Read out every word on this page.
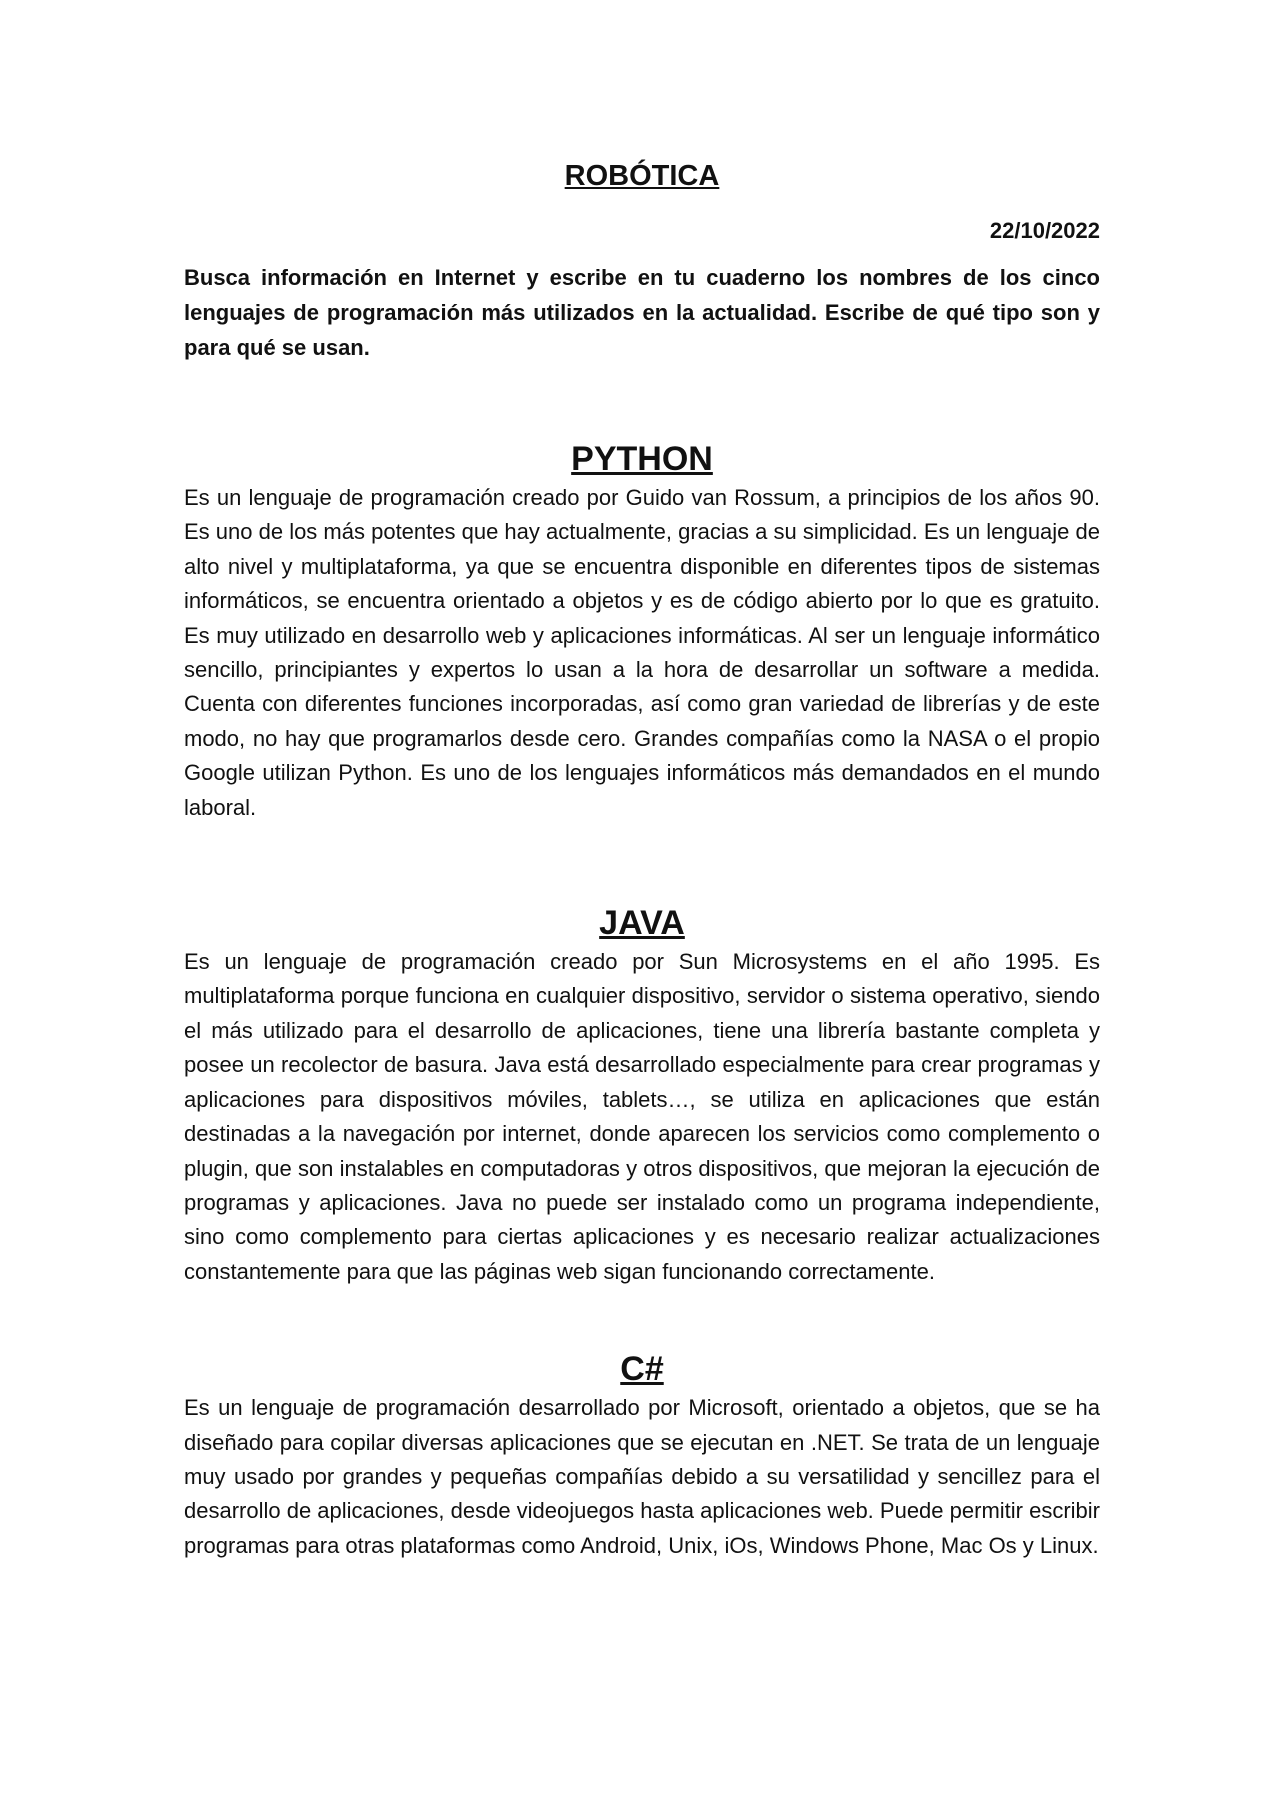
ROBÓTICA
22/10/2022

Busca información en Internet y escribe en tu cuaderno los nombres de los cinco lenguajes de programación más utilizados en la actualidad. Escribe de qué tipo son y para qué se usan.

PYTHON

Es un lenguaje de programación creado por Guido van Rossum, a principios de los años 90. Es uno de los más potentes que hay actualmente, gracias a su simplicidad. Es un lenguaje de alto nivel y multiplataforma, ya que se encuentra disponible en diferentes tipos de sistemas informáticos, se encuentra orientado a objetos y es de código abierto por lo que es gratuito. Es muy utilizado en desarrollo web y aplicaciones informáticas. Al ser un lenguaje informático sencillo, principiantes y expertos lo usan a la hora de desarrollar un software a medida. Cuenta con diferentes funciones incorporadas, así como gran variedad de librerías y de este modo, no hay que programarlos desde cero. Grandes compañías como la NASA o el propio Google utilizan Python. Es uno de los lenguajes informáticos más demandados en el mundo laboral.

JAVA

Es un lenguaje de programación creado por Sun Microsystems en el año 1995. Es multiplataforma porque funciona en cualquier dispositivo, servidor o sistema operativo, siendo el más utilizado para el desarrollo de aplicaciones, tiene una librería bastante completa y posee un recolector de basura. Java está desarrollado especialmente para crear programas y aplicaciones para dispositivos móviles, tablets…, se utiliza en aplicaciones que están destinadas a la navegación por internet, donde aparecen los servicios como complemento o plugin, que son instalables en computadoras y otros dispositivos, que mejoran la ejecución de programas y aplicaciones. Java no puede ser instalado como un programa independiente, sino como complemento para ciertas aplicaciones y es necesario realizar actualizaciones constantemente para que las páginas web sigan funcionando correctamente.

C#

Es un lenguaje de programación desarrollado por Microsoft, orientado a objetos, que se ha diseñado para copilar diversas aplicaciones que se ejecutan en .NET. Se trata de un lenguaje muy usado por grandes y pequeñas compañías debido a su versatilidad y sencillez para el desarrollo de aplicaciones, desde videojuegos hasta aplicaciones web. Puede permitir escribir programas para otras plataformas como Android, Unix, iOs, Windows Phone, Mac Os y Linux.
